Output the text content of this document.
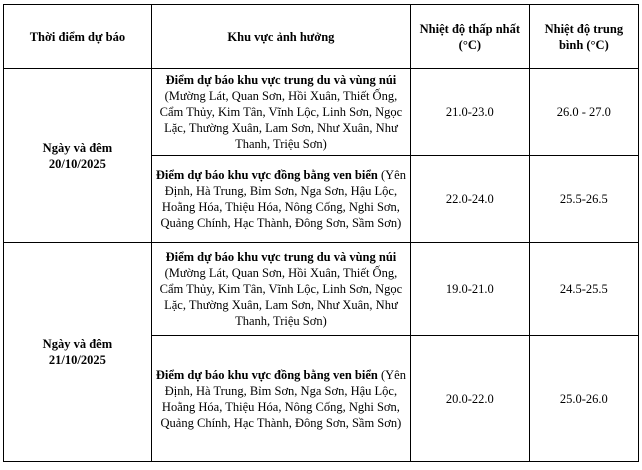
Thời điểm dự báo	Khu vực ảnh hưởng	Nhiệt độ thấp nhất (°C)	Nhiệt độ trung bình (°C)
Ngày và đêm
20/10/2025	Điểm dự báo khu vực trung du và vùng núi (Mường Lát, Quan Sơn, Hồi Xuân, Thiết Ống, Cẩm Thủy, Kim Tân, Vĩnh Lộc, Linh Sơn, Ngọc Lặc, Thường Xuân, Lam Sơn, Như Xuân, Như Thanh, Triệu Sơn)	21.0-23.0	26.0 - 27.0
	Điểm dự báo khu vực đồng bằng ven biển (Yên Định, Hà Trung, Bỉm Sơn, Nga Sơn, Hậu Lộc, Hoằng Hóa, Thiệu Hóa, Nông Cống, Nghi Sơn, Quảng Chính, Hạc Thành, Đông Sơn, Sầm Sơn)	22.0-24.0	25.5-26.5
Ngày và đêm
21/10/2025	Điểm dự báo khu vực trung du và vùng núi (Mường Lát, Quan Sơn, Hồi Xuân, Thiết Ống, Cẩm Thủy, Kim Tân, Vĩnh Lộc, Linh Sơn, Ngọc Lặc, Thường Xuân, Lam Sơn, Như Xuân, Như Thanh, Triệu Sơn)	19.0-21.0	24.5-25.5
	Điểm dự báo khu vực đồng bằng ven biển (Yên Định, Hà Trung, Bỉm Sơn, Nga Sơn, Hậu Lộc, Hoằng Hóa, Thiệu Hóa, Nông Cống, Nghi Sơn, Quảng Chính, Hạc Thành, Đông Sơn, Sầm Sơn)	20.0-22.0	25.0-26.0
